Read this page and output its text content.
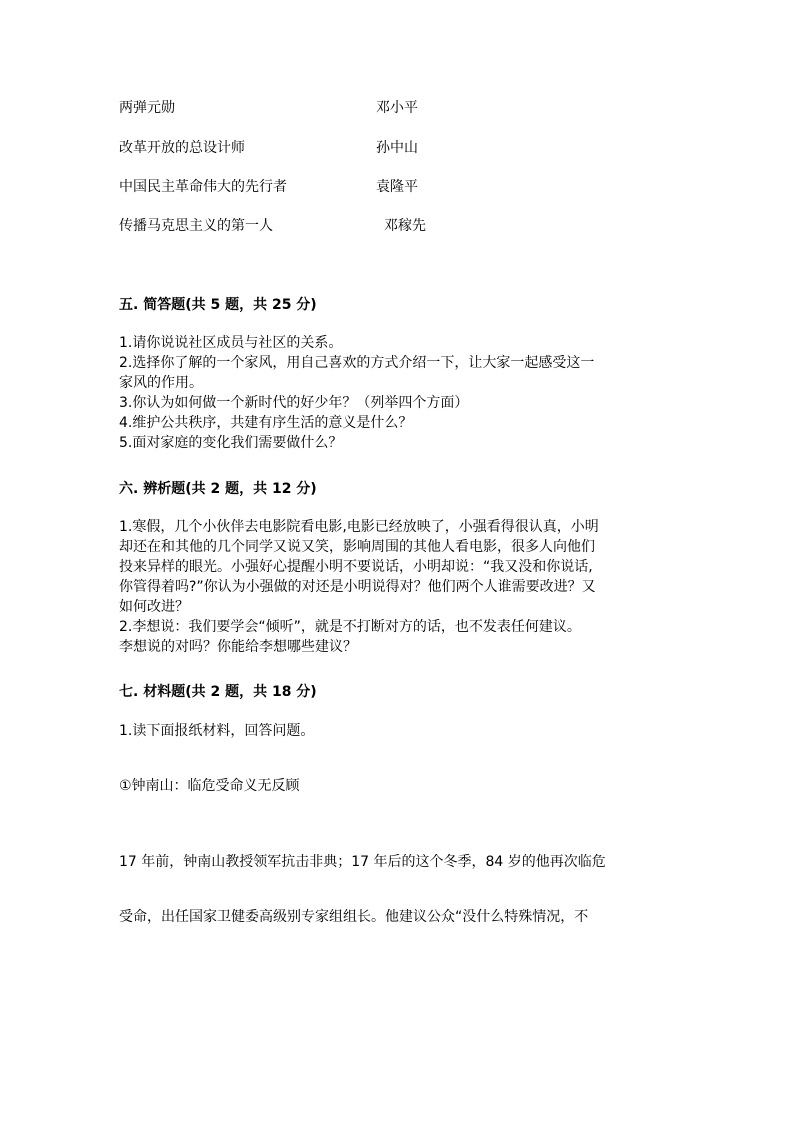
两弹元勋	邓小平
改革开放的总设计师	孙中山
中国民主革命伟大的先行者	袁隆平
传播马克思主义的第一人	邓稼先
五. 简答题(共 5 题，共 25 分)
1.请你说说社区成员与社区的关系。
2.选择你了解的一个家风，用自己喜欢的方式介绍一下，让大家一起感受这一
家风的作用。
3.你认为如何做一个新时代的好少年？（列举四个方面）
4.维护公共秩序，共建有序生活的意义是什么？
5.面对家庭的变化我们需要做什么？
六. 辨析题(共 2 题，共 12 分)
1.寒假，几个小伙伴去电影院看电影,电影已经放映了，小强看得很认真，小明
却还在和其他的几个同学又说又笑，影响周围的其他人看电影，很多人向他们
投来异样的眼光。小强好心提醒小明不要说话，小明却说：“我又没和你说话,
你管得着吗?”你认为小强做的对还是小明说得对？他们两个人谁需要改进？又
如何改进？
2.李想说：我们要学会“倾听”，就是不打断对方的话，也不发表任何建议。
李想说的对吗？你能给李想哪些建议？
七. 材料题(共 2 题，共 18 分)
1.读下面报纸材料，回答问题。
①钟南山：临危受命义无反顾
17 年前，钟南山教授领军抗击非典；17 年后的这个冬季，84 岁的他再次临危
受命，出任国家卫健委高级别专家组组长。他建议公众“没什么特殊情况，不
